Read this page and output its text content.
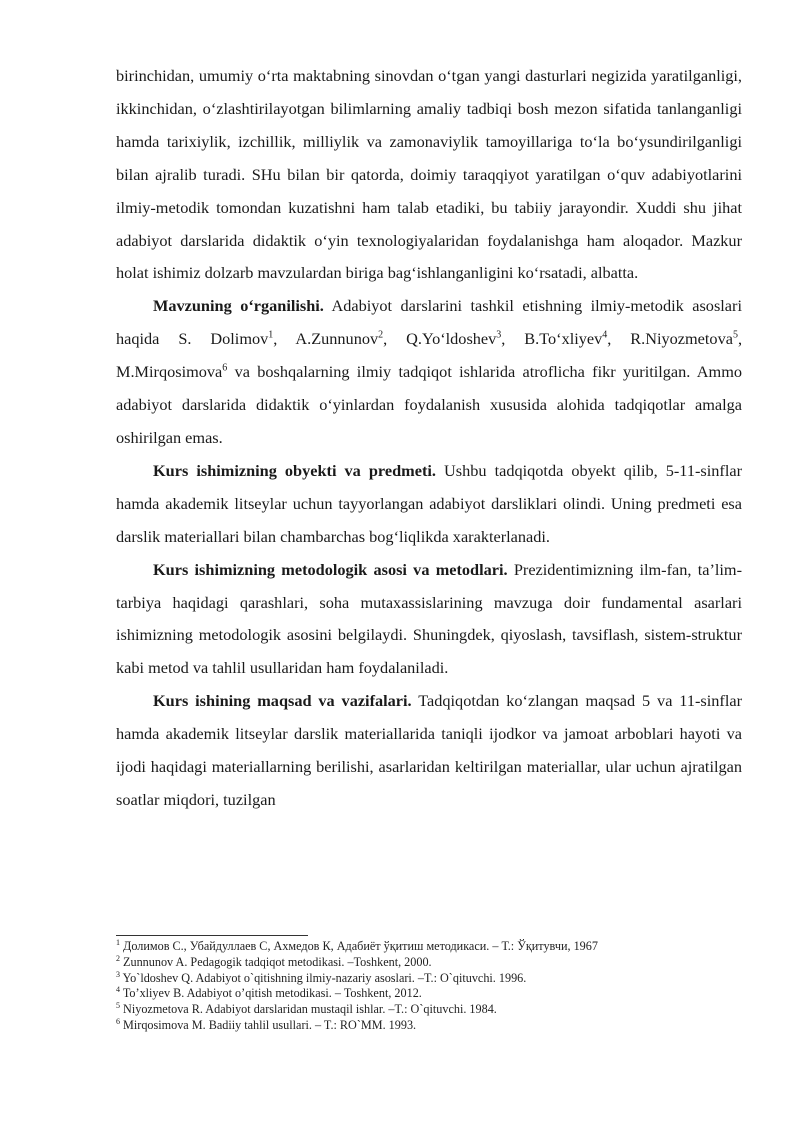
birinchidan, umumiy o‘rta maktabning sinovdan o‘tgan yangi dasturlari negizida yaratilganligi, ikkinchidan, o‘zlashtirilayotgan bilimlarning amaliy tadbiqi bosh mezon sifatida tanlanganligi hamda tarixiylik, izchillik, milliylik va zamonaviylik tamoyillariga to‘la bo‘ysundirilganligi bilan ajralib turadi. SHu bilan bir qatorda, doimiy taraqqiyot yaratilgan o‘quv adabiyotlarini ilmiy-metodik tomondan kuzatishni ham talab etadiki, bu tabiiy jarayondir. Xuddi shu jihat adabiyot darslarida didaktik o‘yin texnologiyalaridan foydalanishga ham aloqador. Mazkur holat ishimiz dolzarb mavzulardan biriga bag‘ishlanganligini ko‘rsatadi, albatta.

Mavzuning o‘rganilishi. Adabiyot darslarini tashkil etishning ilmiy-metodik asoslari haqida S. Dolimov$^1$, A.Zunnunov$^2$, Q.Yo‘ldoshev$^3$, B.To‘xliyev$^4$, R.Niyozmetova$^5$, M.Mirqosimova$^6$ va boshqalarning ilmiy tadqiqot ishlarida atroflicha fikr yuritilgan. Ammo adabiyot darslarida didaktik o‘yinlardan foydalanish xususida alohida tadqiqotlar amalga oshirilgan emas.

Kurs ishimizning obyekti va predmeti. Ushbu tadqiqotda obyekt qilib, 5-11-sinflar hamda akademik litseylar uchun tayyorlangan adabiyot darsliklari olindi. Uning predmeti esa darslik materiallari bilan chambarchas bog‘liqlikda xarakterlanadi.

Kurs ishimizning metodologik asosi va metodlari. Prezidentimizning ilm-fan, ta’lim-tarbiya haqidagi qarashlari, soha mutaxassislarining mavzuga doir fundamental asarlari ishimizning metodologik asosini belgilaydi. Shuningdek, qiyoslash, tavsiflash, sistem-struktur kabi metod va tahlil usullaridan ham foydalaniladi.

Kurs ishining maqsad va vazifalari. Tadqiqotdan ko‘zlangan maqsad 5 va 11-sinflar hamda akademik litseylar darslik materiallarida taniqli ijodkor va jamoat arboblari hayoti va ijodi haqidagi materiallarning berilishi, asarlaridan keltirilgan materiallar, ular uchun ajratilgan soatlar miqdori, tuzilgan

$^1$ Долимов С., Убайдуллаев С, Ахмедов К, Адабиёт ўқитиш методикаси. – Т.: Ўқитувчи, 1967
$^2$ Zunnunov A. Pedagogik tadqiqot metodikasi. –Toshkent, 2000.
$^3$ Yo`ldoshev Q. Adabiyot o`qitishning ilmiy-nazariy asoslari. –T.: O`qituvchi. 1996.
$^4$ To’xliyev B. Adabiyot o’qitish metodikasi. – Toshkent, 2012.
$^5$ Niyozmetova R. Adabiyot darslaridan mustaqil ishlar. –T.: O`qituvchi. 1984.
$^6$ Mirqosimova M. Badiiy tahlil usullari. – T.: RO`MM. 1993.
